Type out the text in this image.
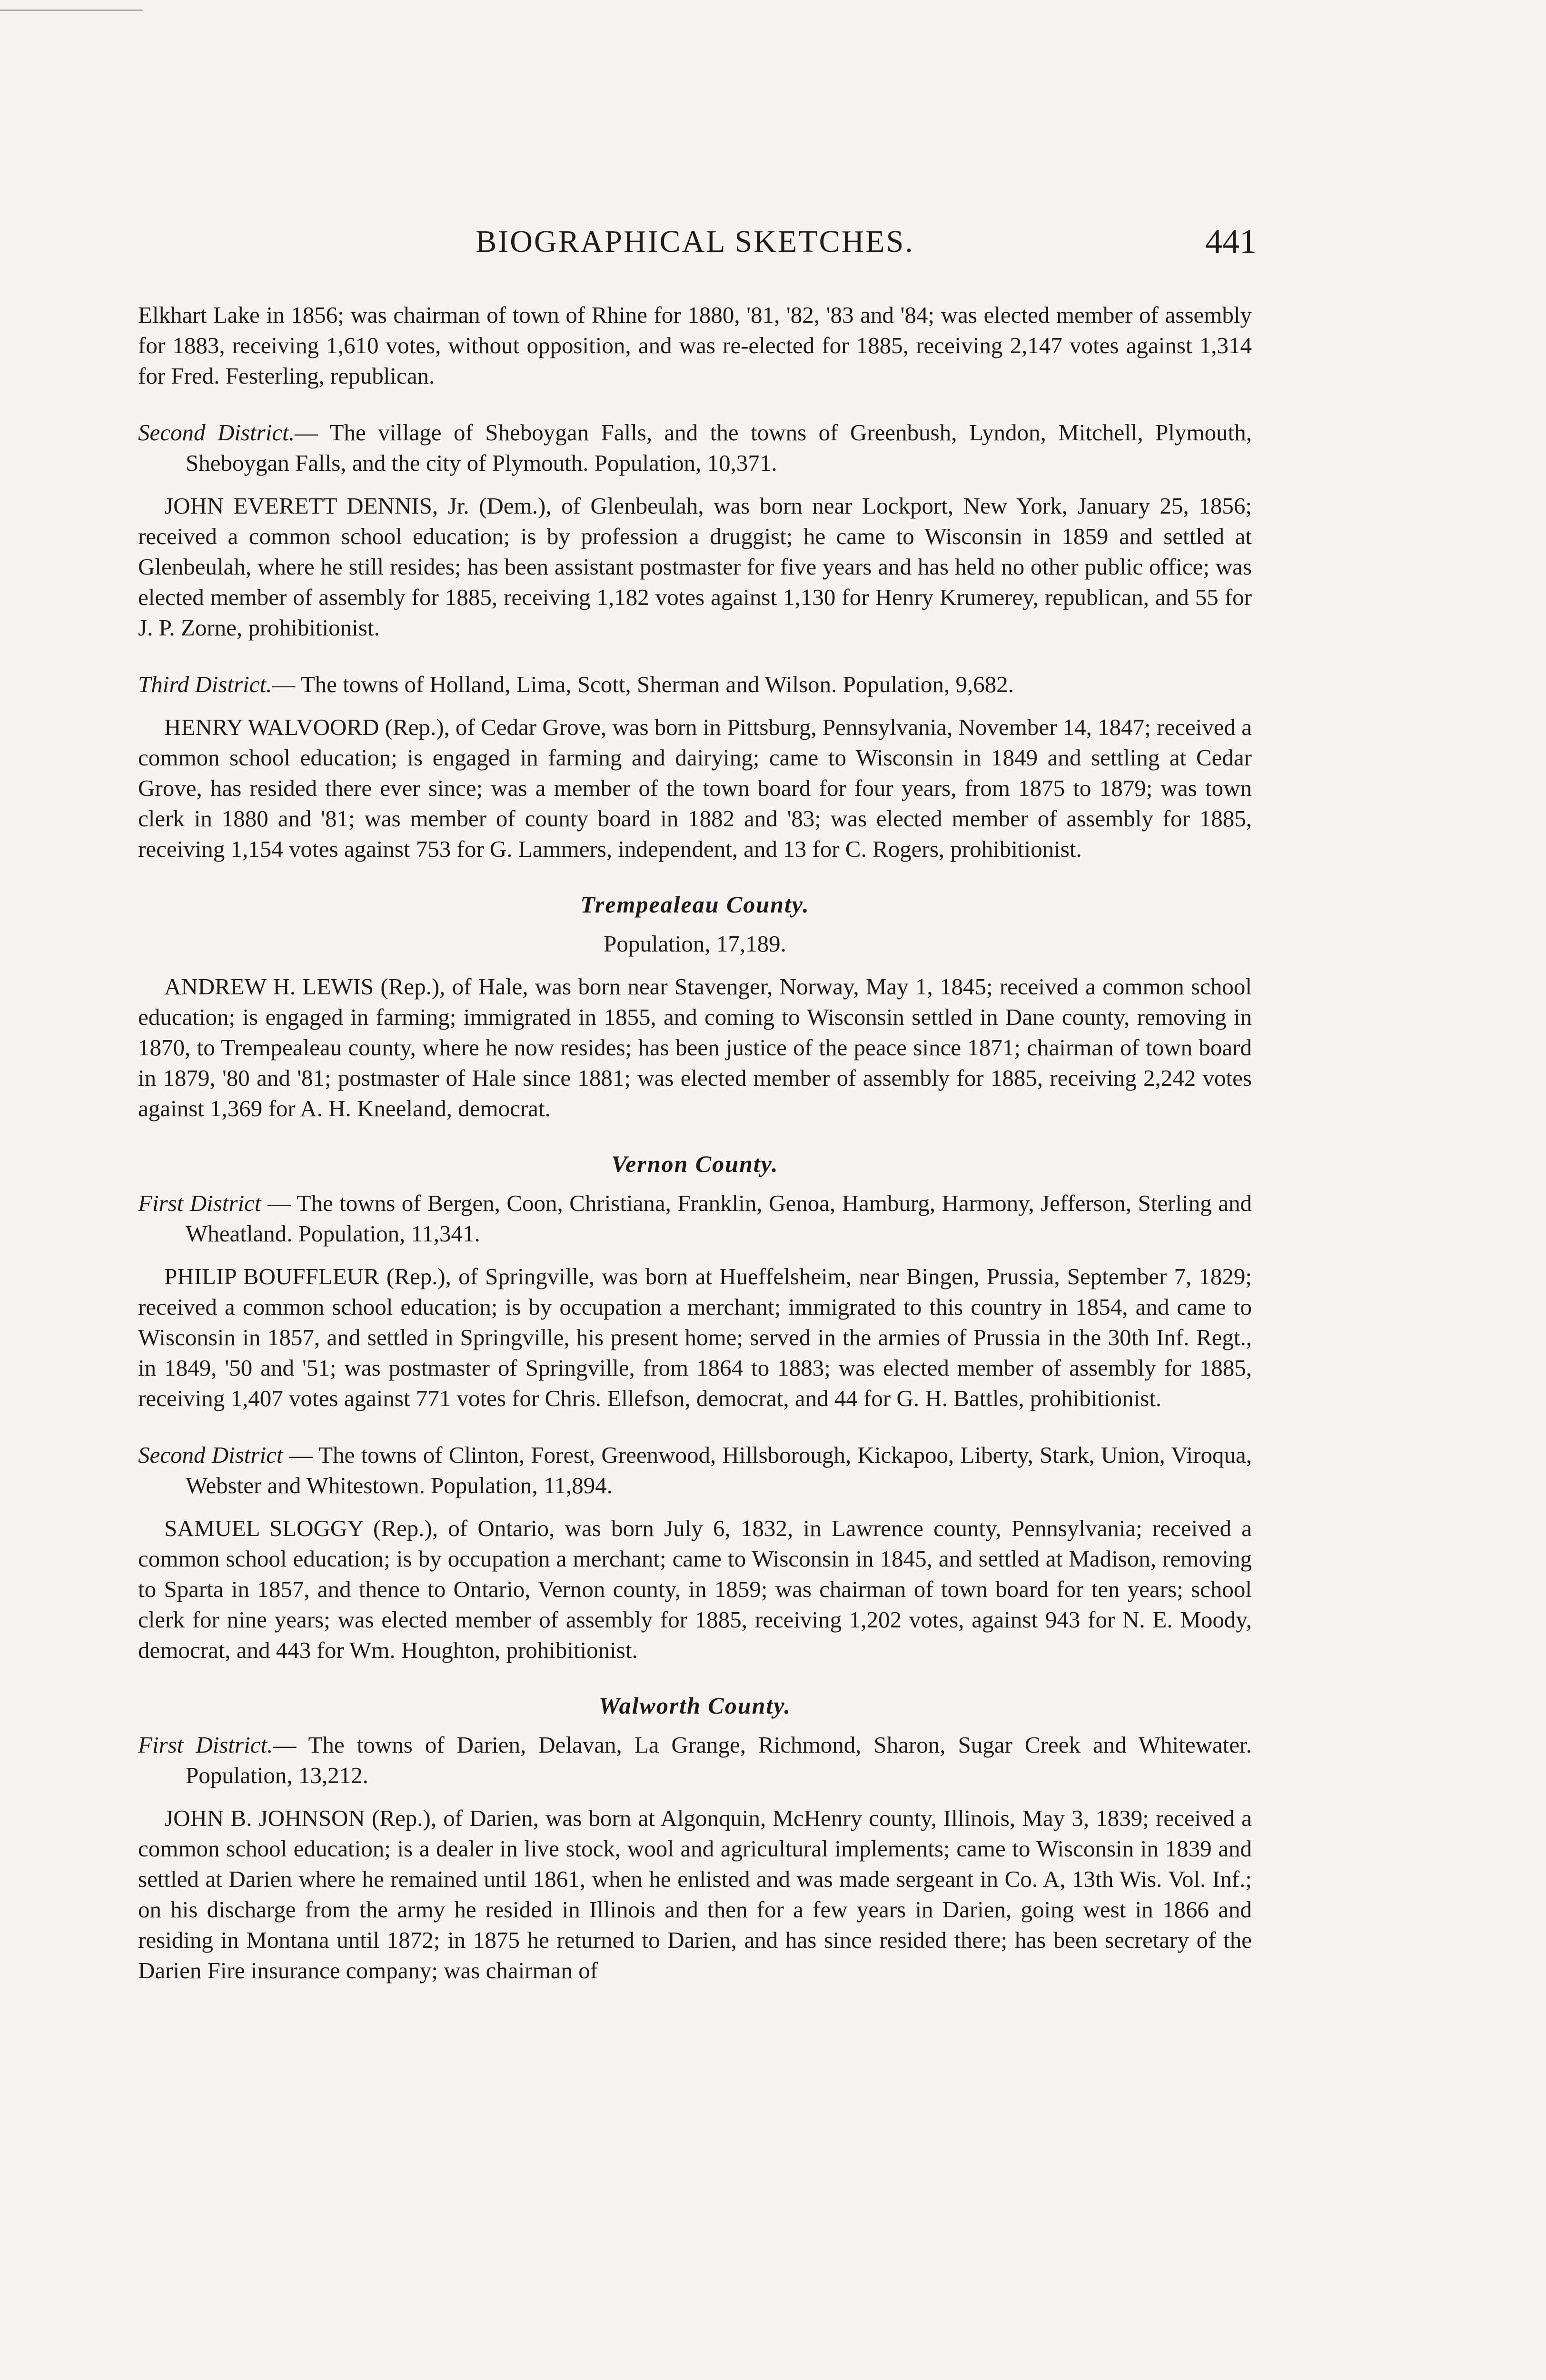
BIOGRAPHICAL SKETCHES.	441

Elkhart Lake in 1856; was chairman of town of Rhine for 1880, '81, '82, '83 and '84; was elected member of assembly for 1883, receiving 1,610 votes, without opposition, and was re-elected for 1885, receiving 2,147 votes against 1,314 for Fred. Festerling, republican.

Second District.— The village of Sheboygan Falls, and the towns of Greenbush, Lyndon, Mitchell, Plymouth, Sheboygan Falls, and the city of Plymouth. Population, 10,371.

JOHN EVERETT DENNIS, Jr. (Dem.), of Glenbeulah, was born near Lockport, New York, January 25, 1856; received a common school education; is by profession a druggist; he came to Wisconsin in 1859 and settled at Glenbeulah, where he still resides; has been assistant postmaster for five years and has held no other public office; was elected member of assembly for 1885, receiving 1,182 votes against 1,130 for Henry Krumerey, republican, and 55 for J. P. Zorne, prohibitionist.

Third District.— The towns of Holland, Lima, Scott, Sherman and Wilson. Population, 9,682.

HENRY WALVOORD (Rep.), of Cedar Grove, was born in Pittsburg, Pennsylvania, November 14, 1847; received a common school education; is engaged in farming and dairying; came to Wisconsin in 1849 and settling at Cedar Grove, has resided there ever since; was a member of the town board for four years, from 1875 to 1879; was town clerk in 1880 and '81; was member of county board in 1882 and '83; was elected member of assembly for 1885, receiving 1,154 votes against 753 for G. Lammers, independent, and 13 for C. Rogers, prohibitionist.

Trempealeau County.

Population, 17,189.

ANDREW H. LEWIS (Rep.), of Hale, was born near Stavenger, Norway, May 1, 1845; received a common school education; is engaged in farming; immigrated in 1855, and coming to Wisconsin settled in Dane county, removing in 1870, to Trempealeau county, where he now resides; has been justice of the peace since 1871; chairman of town board in 1879, '80 and '81; postmaster of Hale since 1881; was elected member of assembly for 1885, receiving 2,242 votes against 1,369 for A. H. Kneeland, democrat.

Vernon County.

First District — The towns of Bergen, Coon, Christiana, Franklin, Genoa, Hamburg, Harmony, Jefferson, Sterling and Wheatland. Population, 11,341.

PHILIP BOUFFLEUR (Rep.), of Springville, was born at Hueffelsheim, near Bingen, Prussia, September 7, 1829; received a common school education; is by occupation a merchant; immigrated to this country in 1854, and came to Wisconsin in 1857, and settled in Springville, his present home; served in the armies of Prussia in the 30th Inf. Regt., in 1849, '50 and '51; was postmaster of Springville, from 1864 to 1883; was elected member of assembly for 1885, receiving 1,407 votes against 771 votes for Chris. Ellefson, democrat, and 44 for G. H. Battles, prohibitionist.

Second District — The towns of Clinton, Forest, Greenwood, Hillsborough, Kickapoo, Liberty, Stark, Union, Viroqua, Webster and Whitestown. Population, 11,894.

SAMUEL SLOGGY (Rep.), of Ontario, was born July 6, 1832, in Lawrence county, Pennsylvania; received a common school education; is by occupation a merchant; came to Wisconsin in 1845, and settled at Madison, removing to Sparta in 1857, and thence to Ontario, Vernon county, in 1859; was chairman of town board for ten years; school clerk for nine years; was elected member of assembly for 1885, receiving 1,202 votes, against 943 for N. E. Moody, democrat, and 443 for Wm. Houghton, prohibitionist.

Walworth County.

First District.— The towns of Darien, Delavan, La Grange, Richmond, Sharon, Sugar Creek and Whitewater. Population, 13,212.

JOHN B. JOHNSON (Rep.), of Darien, was born at Algonquin, McHenry county, Illinois, May 3, 1839; received a common school education; is a dealer in live stock, wool and agricultural implements; came to Wisconsin in 1839 and settled at Darien where he remained until 1861, when he enlisted and was made sergeant in Co. A, 13th Wis. Vol. Inf.; on his discharge from the army he resided in Illinois and then for a few years in Darien, going west in 1866 and residing in Montana until 1872; in 1875 he returned to Darien, and has since resided there; has been secretary of the Darien Fire insurance company; was chairman of
